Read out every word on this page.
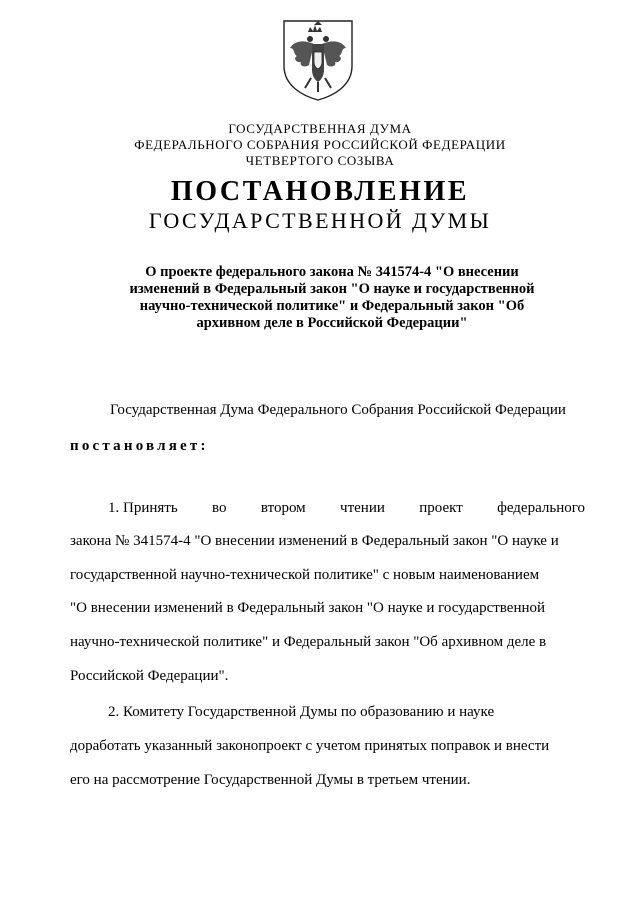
ГОСУДАРСТВЕННАЯ ДУМА
ФЕДЕРАЛЬНОГО СОБРАНИЯ РОССИЙСКОЙ ФЕДЕРАЦИИ
ЧЕТВЕРТОГО СОЗЫВА
ПОСТАНОВЛЕНИЕ
ГОСУДАРСТВЕННОЙ ДУМЫ
О проекте федерального закона № 341574-4 "О внесении
изменений в Федеральный закон "О науке и государственной
научно-технической политике" и Федеральный закон "Об
архивном деле в Российской Федерации"
Государственная Дума Федерального Собрания Российской Федерации
постановляет:
1. Принять во втором чтении проект федерального
закона № 341574-4 "О внесении изменений в Федеральный закон "О науке и
государственной научно-технической политике" с новым наименованием
"О внесении изменений в Федеральный закон "О науке и государственной
научно-технической политике" и Федеральный закон "Об архивном деле в
Российской Федерации".
2. Комитету Государственной Думы по образованию и науке
доработать указанный законопроект с учетом принятых поправок и внести
его на рассмотрение Государственной Думы в третьем чтении.
